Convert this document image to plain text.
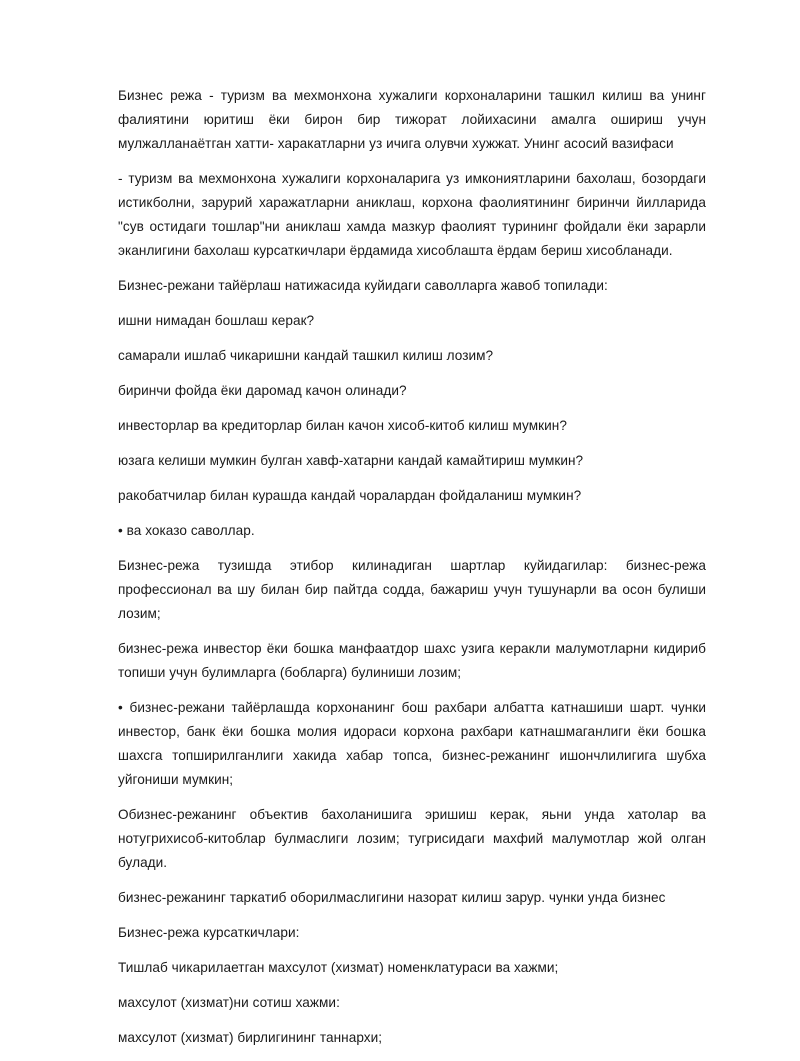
Бизнес режа - туризм ва мехмонхона хужалиги корхоналарини ташкил килиш ва унинг фалиятини юритиш ёки бирон бир тижорат лойихасини амалга ошириш учун мулжалланаётган хатти- харакатларни уз ичига олувчи хужжат. Унинг асосий вазифаси

- туризм ва мехмонхона хужалиги корхоналарига уз имкониятларини бахолаш, бозордаги истикболни, зарурий харажатларни аниклаш, корхона фаолиятининг биринчи йилларида "сув остидаги тошлар"ни аниклаш хамда мазкур фаолият турининг фойдали ёки зарарли эканлигини бахолаш курсаткичлари ёрдамида хисоблашта ёрдам бериш хисобланади.

Бизнес-режани тайёрлаш натижасида куйидаги саволларга жавоб топилади:

ишни нимадан бошлаш керак?

самарали ишлаб чикаришни кандай ташкил килиш лозим?

биринчи фойда ёки даромад качон олинади?

инвесторлар ва кредиторлар билан качон хисоб-китоб килиш мумкин?

юзага келиши мумкин булган хавф-хатарни кандай камайтириш мумкин?

ракобатчилар билан курашда кандай чоралардан фойдаланиш мумкин?

• ва хоказо саволлар.

Бизнес-режа тузишда этибор килинадиган шартлар куйидагилар: бизнес-режа профессионал ва шу билан бир пайтда содда, бажариш учун тушунарли ва осон булиши лозим;

бизнес-режа инвестор ёки бошка манфаатдор шахс узига керакли малумотларни кидириб топиши учун булимларга (бобларга) булиниши лозим;

• бизнес-режани тайёрлашда корхонанинг бош рахбари албатта катнашиши шарт. чунки инвестор, банк ёки бошка молия идораси корхона рахбари катнашмаганлиги ёки бошка шахсга топширилганлиги хакида хабар топса, бизнес-режанинг ишончлилигига шубха уйгониши мумкин;

Обизнес-режанинг объектив бахоланишига эришиш керак, яьни унда хатолар ва нотугрихисоб-китоблар булмаслиги лозим; тугрисидаги махфий малумотлар жой олган булади.

бизнес-режанинг таркатиб оборилмаслигини назорат килиш зарур. чунки унда бизнес

Бизнес-режа курсаткичлари:

Тишлаб чикарилаетган махсулот (хизмат) номенклатураси ва хажми;

махсулот (хизмат)ни сотиш хажми:

махсулот (хизмат) бирлигининг таннархи;
